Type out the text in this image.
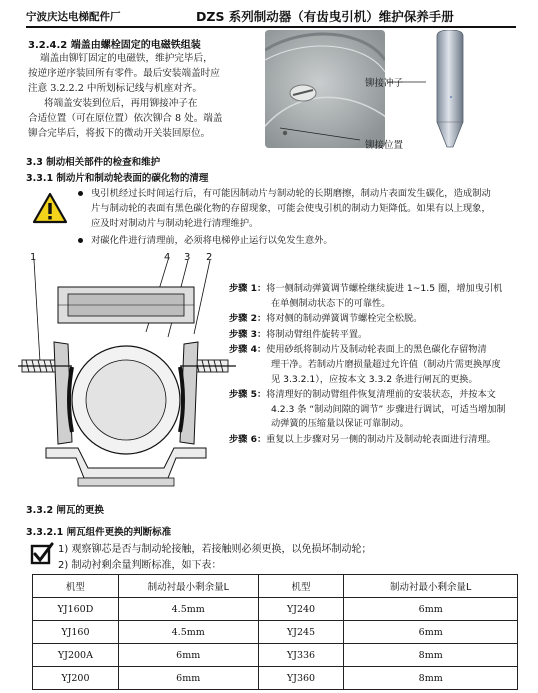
宁波庆达电梯配件厂	DZS 系列制动器（有齿曳引机）维护保养手册
3.2.4.2 端盖由螺栓固定的电磁铁组装
端盖由铆钉固定的电磁铁，维护完毕后，
按逆序逆序装回所有零件。最后安装端盖时应
注意 3.2.2.2 中所划标记线与机座对齐。
将端盖安装到位后，再用铆接冲子在
合适位置（可在原位置）依次铆合 8 处。端盖
铆合完毕后，将扳下的微动开关装回原位。
铆接冲子
铆接位置
3.3 制动相关部件的检查和维护
3.3.1 制动片和制动轮表面的碳化物的清理
曳引机经过长时间运行后，有可能因制动片与制动轮的长期磨擦，制动片表面发生碳化，造成制动
片与制动轮的表面有黑色碳化物的存留现象，可能会使曳引机的制动力矩降低。如果有以上现象，
应及时对制动片与制动轮进行清理维护。
对碳化件进行清理前，必须将电梯停止运行以免发生意外。
1	4 3 2
步骤 1：将一侧制动弹簧调节螺栓继续旋进 1~1.5 圈，增加曳引机
在单侧制动状态下的可靠性。
步骤 2：将对侧的制动弹簧调节螺栓完全松脱。
步骤 3：将制动臂组件旋转平置。
步骤 4：使用砂纸将制动片及制动轮表面上的黑色碳化存留物清
理干净。若制动片磨损量超过允许值（制动片需更换厚度
见 3.3.2.1），应按本文 3.3.2 条进行闸瓦的更换。
步骤 5：将清理好的制动臂组件恢复清理前的安装状态，并按本文
4.2.3 条 “制动间隙的调节” 步骤进行调试，可适当增加制
动弹簧的压缩量以保证可靠制动。
步骤 6：重复以上步骤对另一侧的制动片及制动轮表面进行清理。
3.3.2 闸瓦的更换
3.3.2.1 闸瓦组件更换的判断标准
1) 观察铆芯是否与制动轮接触，若接触则必须更换，以免损坏制动轮；
2) 制动衬剩余量判断标准，如下表：
机型	制动衬最小剩余量L	机型	制动衬最小剩余量L
YJ160D	4.5mm	YJ240	6mm
YJ160	4.5mm	YJ245	6mm
YJ200A	6mm	YJ336	8mm
YJ200	6mm	YJ360	8mm
